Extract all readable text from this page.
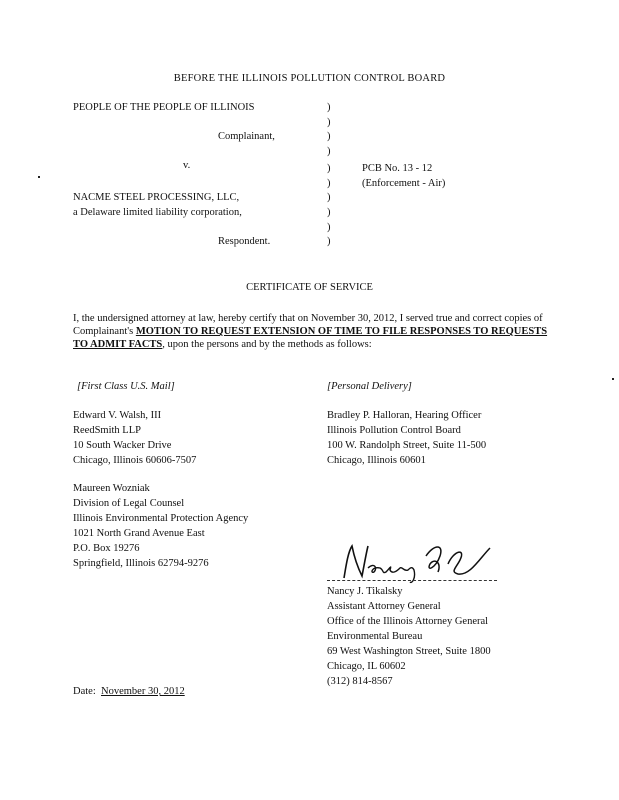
BEFORE THE ILLINOIS POLLUTION CONTROL BOARD
PEOPLE OF THE PEOPLE OF ILLINOIS
Complainant,
v.
NACME STEEL PROCESSING, LLC,
a Delaware limited liability corporation,
Respondent.
)
)
)
)
)
)
)
)
)
)
PCB No. 13 - 12
(Enforcement - Air)
CERTIFICATE OF SERVICE
I, the undersigned attorney at law, hereby certify that on November 30, 2012, I served true and correct copies of Complainant's MOTION TO REQUEST EXTENSION OF TIME TO FILE RESPONSES TO REQUESTS TO ADMIT FACTS, upon the persons and by the methods as follows:
[First Class U.S. Mail]	[Personal Delivery]
Edward V. Walsh, III
ReedSmith LLP
10 South Wacker Drive
Chicago, Illinois 60606-7507
Bradley P. Halloran, Hearing Officer
Illinois Pollution Control Board
100 W. Randolph Street, Suite 11-500
Chicago, Illinois 60601
Maureen Wozniak
Division of Legal Counsel
Illinois Environmental Protection Agency
1021 North Grand Avenue East
P.O. Box 19276
Springfield, Illinois 62794-9276
Nancy J. Tikalsky
Assistant Attorney General
Office of the Illinois Attorney General
Environmental Bureau
69 West Washington Street, Suite 1800
Chicago, IL 60602
(312) 814-8567
Date: November 30, 2012
